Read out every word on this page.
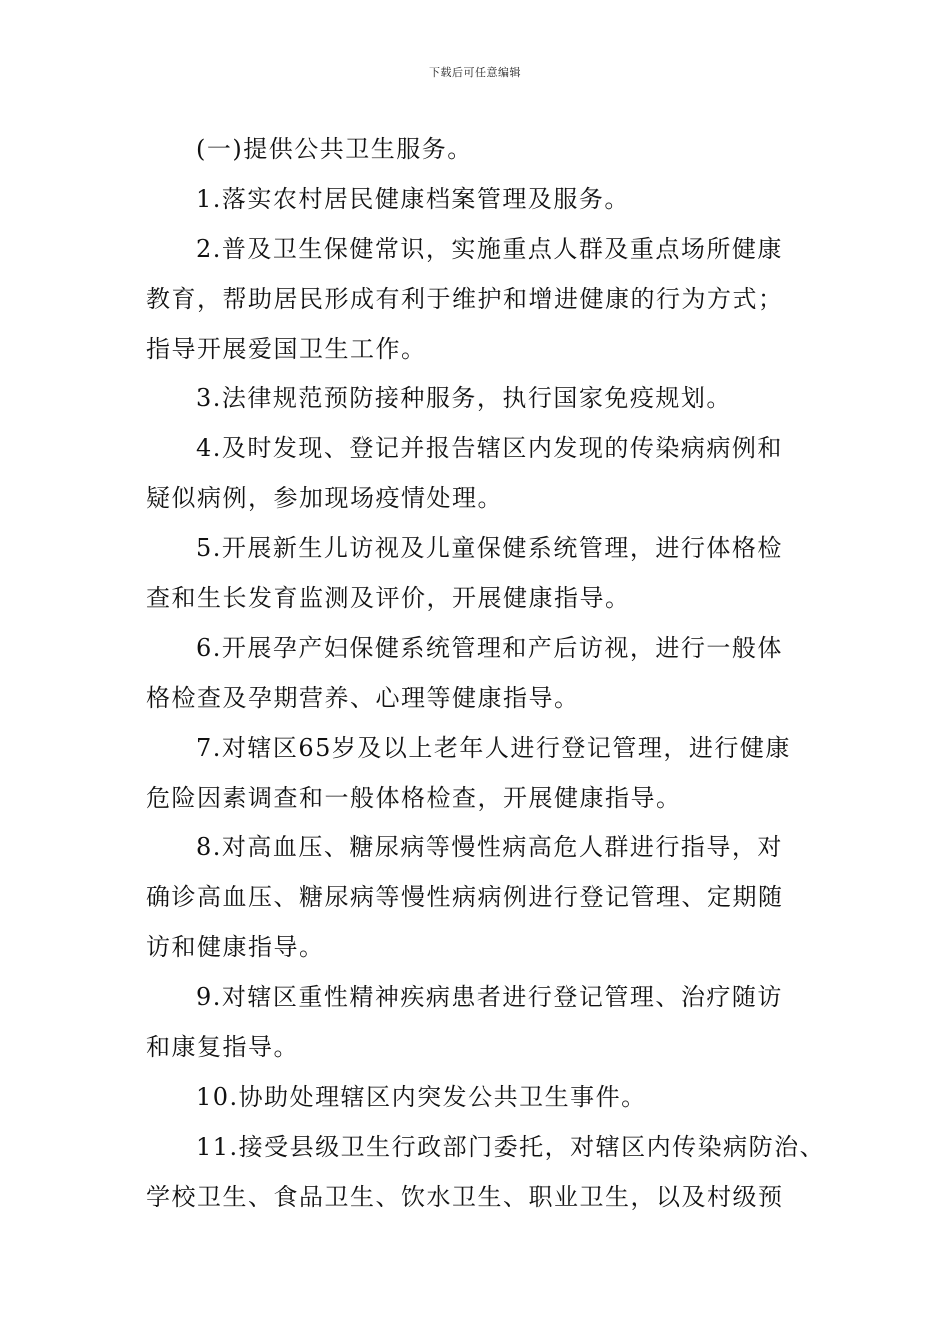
下载后可任意编辑
(一)提供公共卫生服务。
1.落实农村居民健康档案管理及服务。
2.普及卫生保健常识，实施重点人群及重点场所健康
教育，帮助居民形成有利于维护和增进健康的行为方式；
指导开展爱国卫生工作。
3.法律规范预防接种服务，执行国家免疫规划。
4.及时发现、登记并报告辖区内发现的传染病病例和
疑似病例，参加现场疫情处理。
5.开展新生儿访视及儿童保健系统管理，进行体格检
查和生长发育监测及评价，开展健康指导。
6.开展孕产妇保健系统管理和产后访视，进行一般体
格检查及孕期营养、心理等健康指导。
7.对辖区65岁及以上老年人进行登记管理，进行健康
危险因素调查和一般体格检查，开展健康指导。
8.对高血压、糖尿病等慢性病高危人群进行指导，对
确诊高血压、糖尿病等慢性病病例进行登记管理、定期随
访和健康指导。
9.对辖区重性精神疾病患者进行登记管理、治疗随访
和康复指导。
10.协助处理辖区内突发公共卫生事件。
11.接受县级卫生行政部门委托，对辖区内传染病防治、
学校卫生、食品卫生、饮水卫生、职业卫生，以及村级预
